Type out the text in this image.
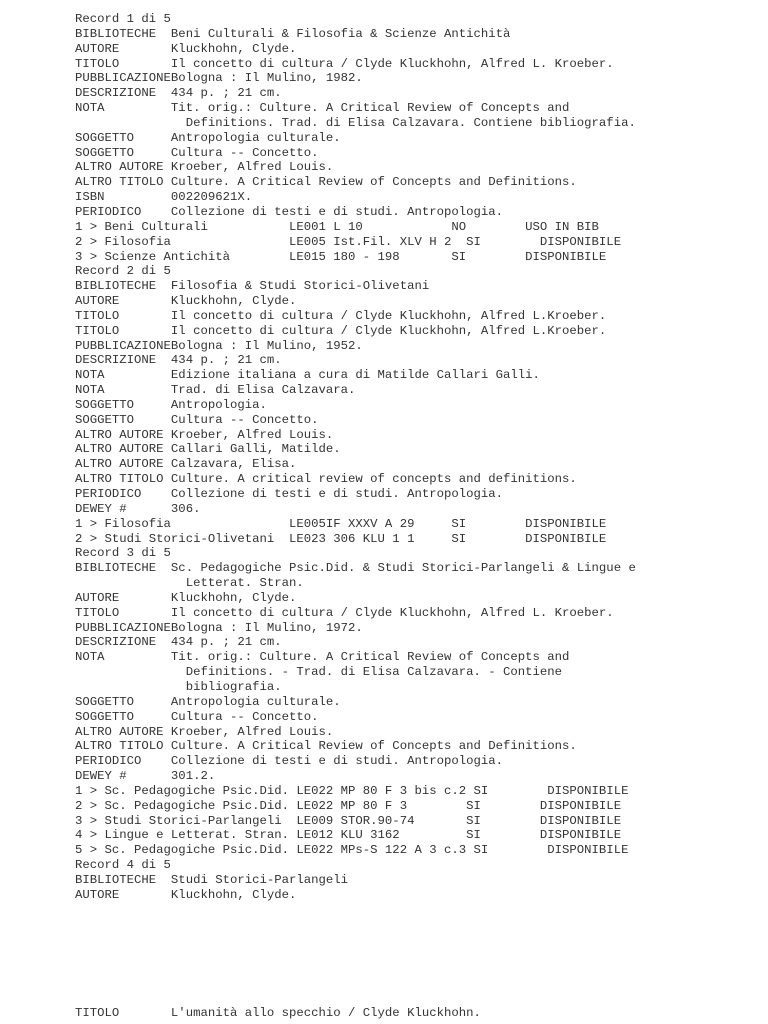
Record 1 di 5
BIBLIOTECHE  Beni Culturali & Filosofia & Scienze Antichità
AUTORE       Kluckhohn, Clyde.
TITOLO       Il concetto di cultura / Clyde Kluckhohn, Alfred L. Kroeber.
PUBBLICAZIONEBologna : Il Mulino, 1982.
DESCRIZIONE  434 p. ; 21 cm.
NOTA         Tit. orig.: Culture. A Critical Review of Concepts and
Definitions. Trad. di Elisa Calzavara. Contiene bibliografia.
SOGGETTO     Antropologia culturale.
SOGGETTO     Cultura -- Concetto.
ALTRO AUTORE Kroeber, Alfred Louis.
ALTRO TITOLO Culture. A Critical Review of Concepts and Definitions.
ISBN         002209621X.
PERIODICO    Collezione di testi e di studi. Antropologia.
1 > Beni Culturali           LE001 L 10            NO        USO IN BIB
2 > Filosofia                LE005 Ist.Fil. XLV H 2  SI        DISPONIBILE
3 > Scienze Antichità        LE015 180 - 198       SI        DISPONIBILE
Record 2 di 5
BIBLIOTECHE  Filosofia & Studi Storici-Olivetani
AUTORE       Kluckhohn, Clyde.
TITOLO       Il concetto di cultura / Clyde Kluckhohn, Alfred L.Kroeber.
TITOLO       Il concetto di cultura / Clyde Kluckhohn, Alfred L.Kroeber.
PUBBLICAZIONEBologna : Il Mulino, 1952.
DESCRIZIONE  434 p. ; 21 cm.
NOTA         Edizione italiana a cura di Matilde Callari Galli.
NOTA         Trad. di Elisa Calzavara.
SOGGETTO     Antropologia.
SOGGETTO     Cultura -- Concetto.
ALTRO AUTORE Kroeber, Alfred Louis.
ALTRO AUTORE Callari Galli, Matilde.
ALTRO AUTORE Calzavara, Elisa.
ALTRO TITOLO Culture. A critical review of concepts and definitions.
PERIODICO    Collezione di testi e di studi. Antropologia.
DEWEY #      306.
1 > Filosofia                LE005IF XXXV A 29     SI        DISPONIBILE
2 > Studi Storici-Olivetani  LE023 306 KLU 1 1     SI        DISPONIBILE
Record 3 di 5
BIBLIOTECHE  Sc. Pedagogiche Psic.Did. & Studi Storici-Parlangeli & Lingue e
Letterat. Stran.
AUTORE       Kluckhohn, Clyde.
TITOLO       Il concetto di cultura / Clyde Kluckhohn, Alfred L. Kroeber.
PUBBLICAZIONEBologna : Il Mulino, 1972.
DESCRIZIONE  434 p. ; 21 cm.
NOTA         Tit. orig.: Culture. A Critical Review of Concepts and
Definitions. - Trad. di Elisa Calzavara. - Contiene
bibliografia.
SOGGETTO     Antropologia culturale.
SOGGETTO     Cultura -- Concetto.
ALTRO AUTORE Kroeber, Alfred Louis.
ALTRO TITOLO Culture. A Critical Review of Concepts and Definitions.
PERIODICO    Collezione di testi e di studi. Antropologia.
DEWEY #      301.2.
1 > Sc. Pedagogiche Psic.Did. LE022 MP 80 F 3 bis c.2 SI        DISPONIBILE
2 > Sc. Pedagogiche Psic.Did. LE022 MP 80 F 3        SI        DISPONIBILE
3 > Studi Storici-Parlangeli  LE009 STOR.90-74       SI        DISPONIBILE
4 > Lingue e Letterat. Stran. LE012 KLU 3162         SI        DISPONIBILE
5 > Sc. Pedagogiche Psic.Did. LE022 MPs-S 122 A 3 c.3 SI        DISPONIBILE
Record 4 di 5
BIBLIOTECHE  Studi Storici-Parlangeli
AUTORE       Kluckhohn, Clyde.
TITOLO       L'umanità allo specchio / Clyde Kluckhohn.
